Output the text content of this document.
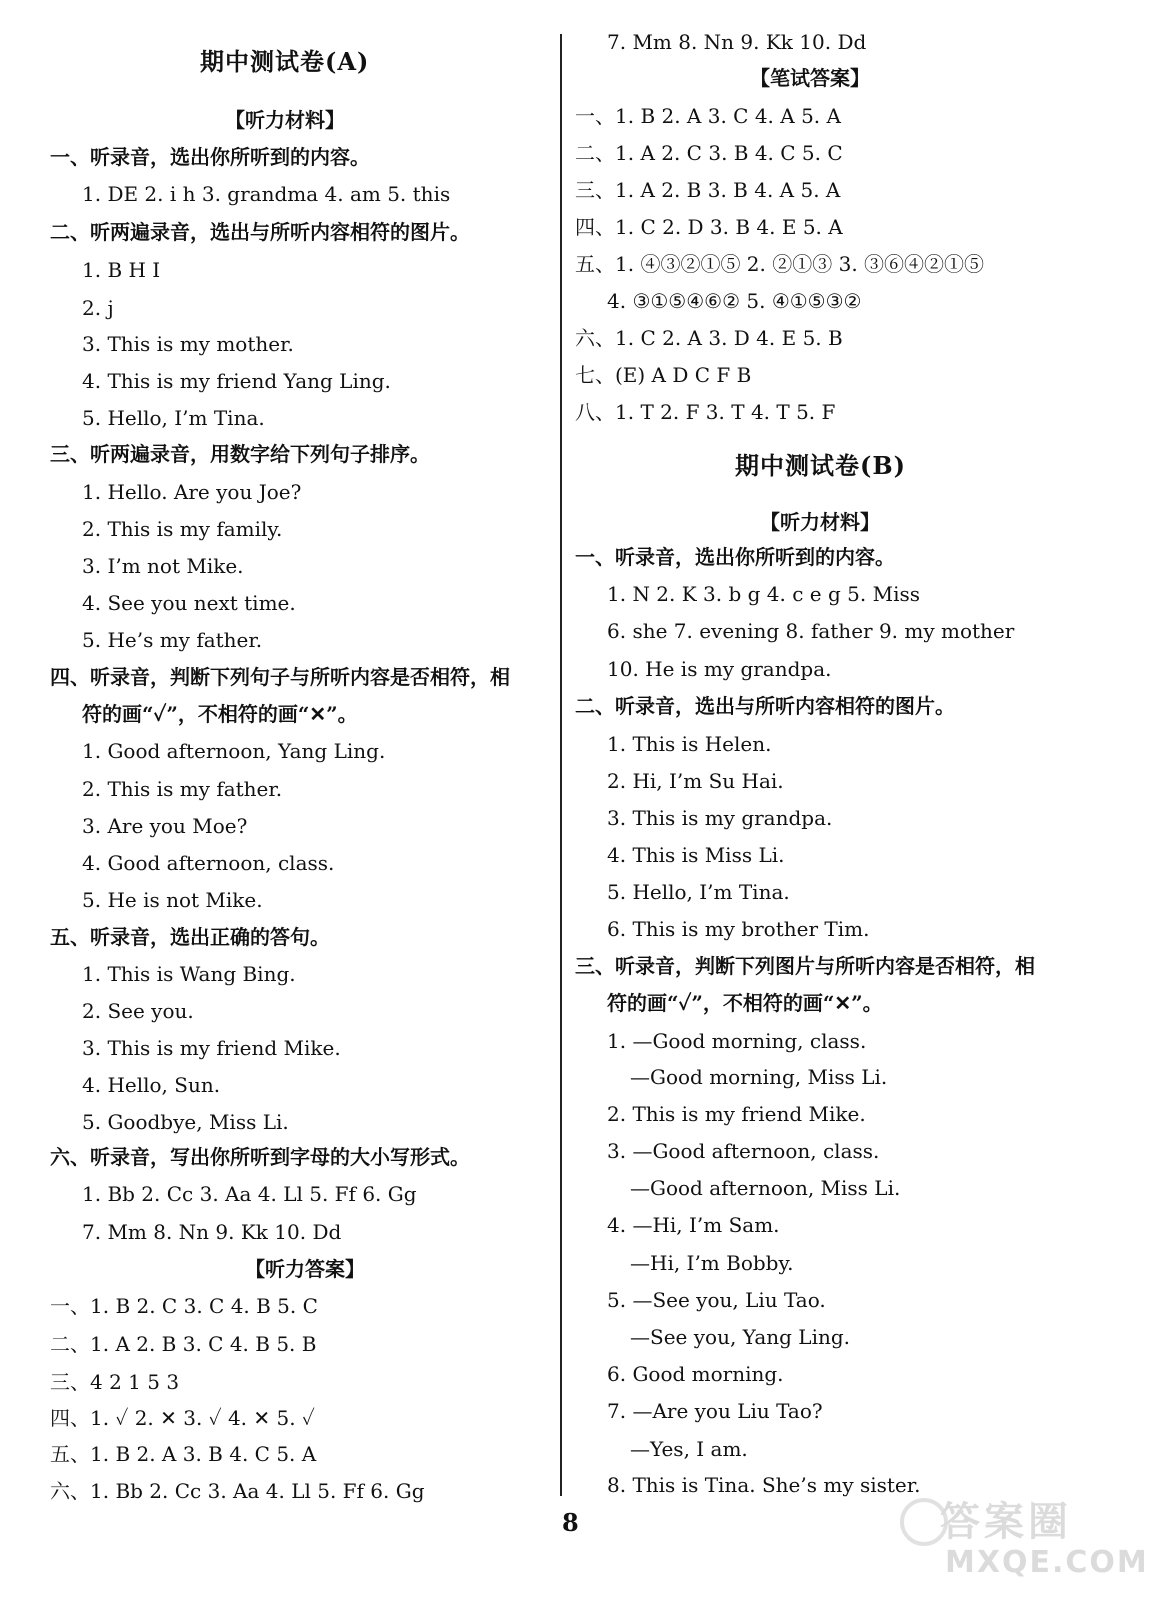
期中测试卷(A)
【听力材料】
一、听录音，选出你所听到的内容。
1. DE 2. i h 3. grandma 4. am 5. this
二、听两遍录音，选出与所听内容相符的图片。
1. B H I
2. j
3. This is my mother.
4. This is my friend Yang Ling.
5. Hello, I’m Tina.
三、听两遍录音，用数字给下列句子排序。
1. Hello. Are you Joe?
2. This is my family.
3. I’m not Mike.
4. See you next time.
5. He’s my father.
四、听录音，判断下列句子与所听内容是否相符，相
符的画“✓”，不相符的画“✕”。
1. Good afternoon, Yang Ling.
2. This is my father.
3. Are you Moe?
4. Good afternoon, class.
5. He is not Mike.
五、听录音，选出正确的答句。
1. This is Wang Bing.
2. See you.
3. This is my friend Mike.
4. Hello, Sun.
5. Goodbye, Miss Li.
六、听录音，写出你所听到字母的大小写形式。
1. Bb 2. Cc 3. Aa 4. Ll 5. Ff 6. Gg
7. Mm 8. Nn 9. Kk 10. Dd
【听力答案】
一、1. B 2. C 3. C 4. B 5. C
二、1. A 2. B 3. C 4. B 5. B
三、4 2 1 5 3
四、1. ✓ 2. ✕ 3. ✓ 4. ✕ 5. ✓
五、1. B 2. A 3. B 4. C 5. A
六、1. Bb 2. Cc 3. Aa 4. Ll 5. Ff 6. Gg
7. Mm 8. Nn 9. Kk 10. Dd
【笔试答案】
一、1. B 2. A 3. C 4. A 5. A
二、1. A 2. C 3. B 4. C 5. C
三、1. A 2. B 3. B 4. A 5. A
四、1. C 2. D 3. B 4. E 5. A
五、1. ④③②①⑤ 2. ②①③ 3. ③⑥④②①⑤
4. ③①⑤④⑥② 5. ④①⑤③②
六、1. C 2. A 3. D 4. E 5. B
七、(E) A D C F B
八、1. T 2. F 3. T 4. T 5. F
期中测试卷(B)
【听力材料】
一、听录音，选出你所听到的内容。
1. N 2. K 3. b g 4. c e g 5. Miss
6. she 7. evening 8. father 9. my mother
10. He is my grandpa.
二、听录音，选出与所听内容相符的图片。
1. This is Helen.
2. Hi, I’m Su Hai.
3. This is my grandpa.
4. This is Miss Li.
5. Hello, I’m Tina.
6. This is my brother Tim.
三、听录音，判断下列图片与所听内容是否相符，相
符的画“✓”，不相符的画“✕”。
1. —Good morning, class.
—Good morning, Miss Li.
2. This is my friend Mike.
3. —Good afternoon, class.
—Good afternoon, Miss Li.
4. —Hi, I’m Sam.
—Hi, I’m Bobby.
5. —See you, Liu Tao.
—See you, Yang Ling.
6. Good morning.
7. —Are you Liu Tao?
—Yes, I am.
8. This is Tina. She’s my sister.
8	答案圈
MXQE.COM
